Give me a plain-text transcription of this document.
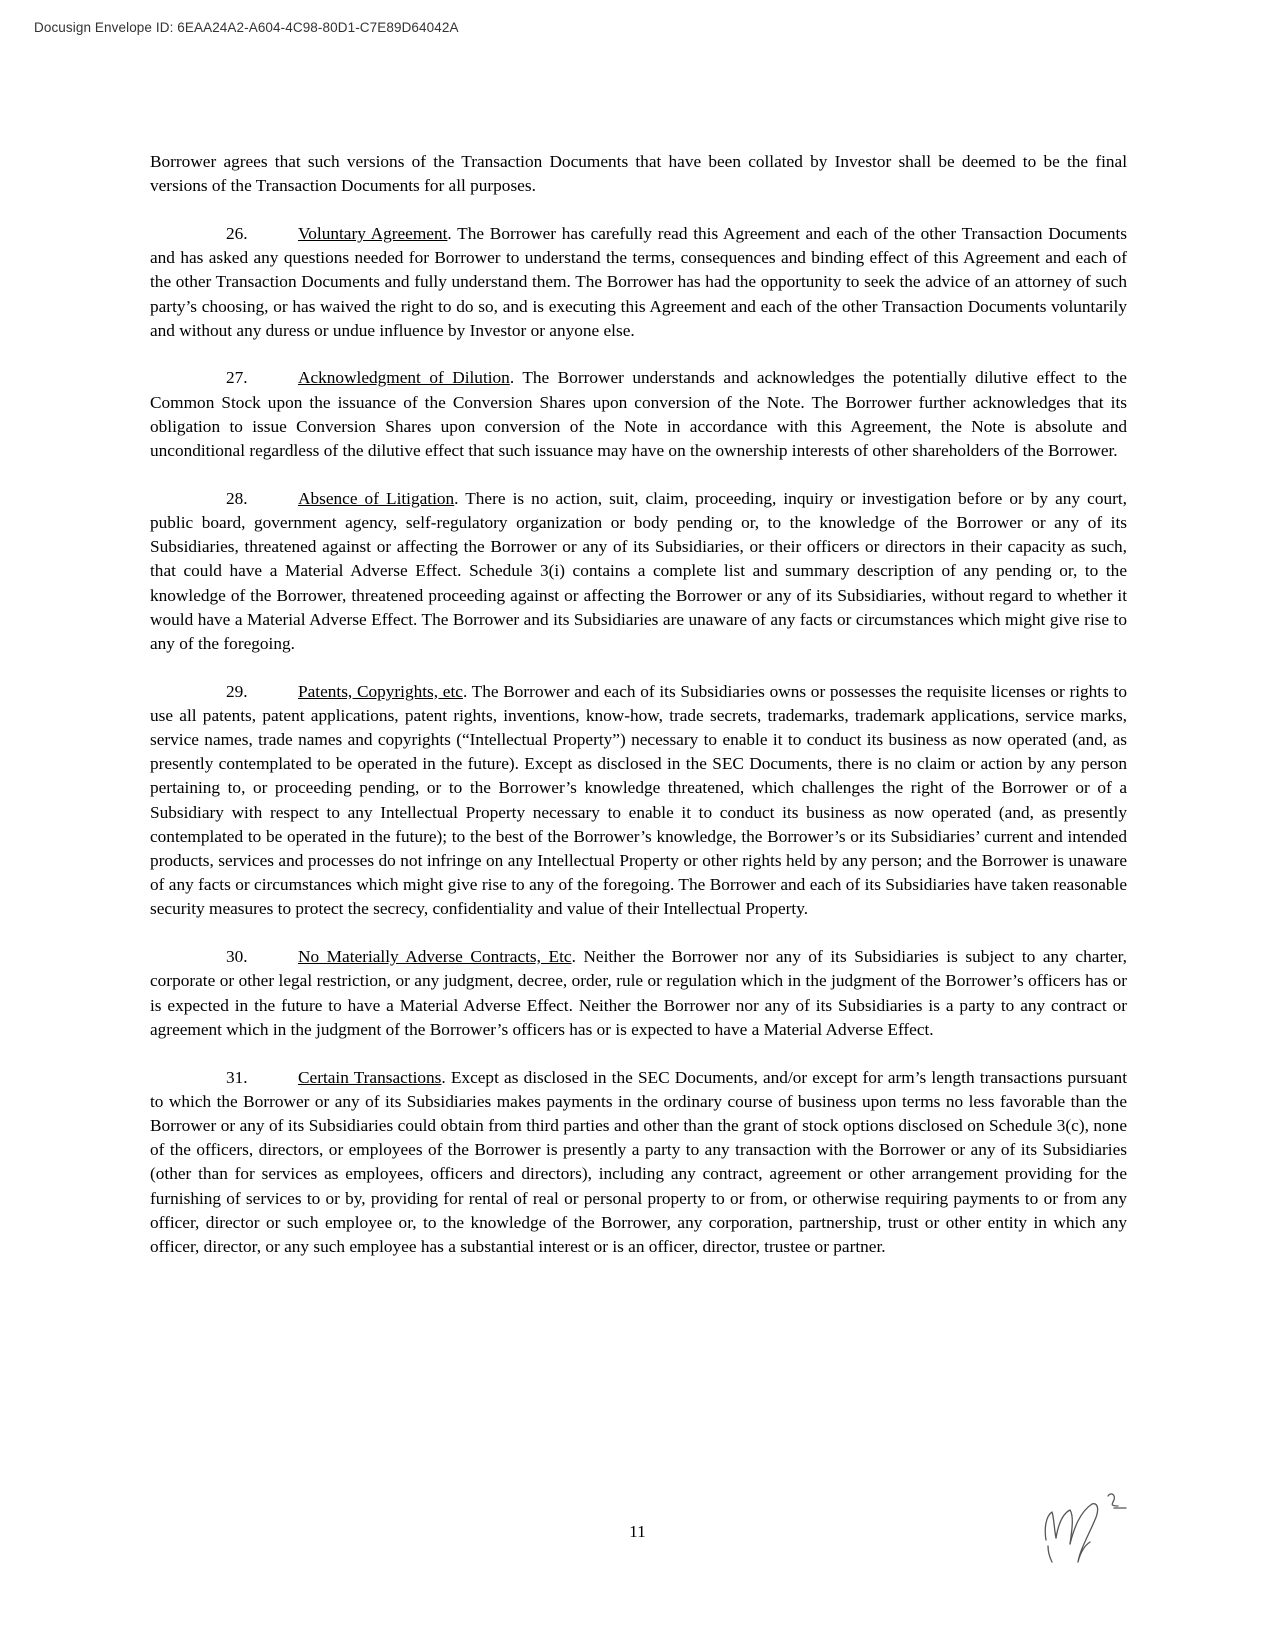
Docusign Envelope ID: 6EAA24A2-A604-4C98-80D1-C7E89D64042A

Borrower agrees that such versions of the Transaction Documents that have been collated by Investor shall be deemed to be the final versions of the Transaction Documents for all purposes.

26.	Voluntary Agreement. The Borrower has carefully read this Agreement and each of the other Transaction Documents and has asked any questions needed for Borrower to understand the terms, consequences and binding effect of this Agreement and each of the other Transaction Documents and fully understand them. The Borrower has had the opportunity to seek the advice of an attorney of such party’s choosing, or has waived the right to do so, and is executing this Agreement and each of the other Transaction Documents voluntarily and without any duress or undue influence by Investor or anyone else.

27.	Acknowledgment of Dilution. The Borrower understands and acknowledges the potentially dilutive effect to the Common Stock upon the issuance of the Conversion Shares upon conversion of the Note. The Borrower further acknowledges that its obligation to issue Conversion Shares upon conversion of the Note in accordance with this Agreement, the Note is absolute and unconditional regardless of the dilutive effect that such issuance may have on the ownership interests of other shareholders of the Borrower.

28.	Absence of Litigation. There is no action, suit, claim, proceeding, inquiry or investigation before or by any court, public board, government agency, self-regulatory organization or body pending or, to the knowledge of the Borrower or any of its Subsidiaries, threatened against or affecting the Borrower or any of its Subsidiaries, or their officers or directors in their capacity as such, that could have a Material Adverse Effect. Schedule 3(i) contains a complete list and summary description of any pending or, to the knowledge of the Borrower, threatened proceeding against or affecting the Borrower or any of its Subsidiaries, without regard to whether it would have a Material Adverse Effect. The Borrower and its Subsidiaries are unaware of any facts or circumstances which might give rise to any of the foregoing.

29.	Patents, Copyrights, etc. The Borrower and each of its Subsidiaries owns or possesses the requisite licenses or rights to use all patents, patent applications, patent rights, inventions, know-how, trade secrets, trademarks, trademark applications, service marks, service names, trade names and copyrights (“Intellectual Property”) necessary to enable it to conduct its business as now operated (and, as presently contemplated to be operated in the future). Except as disclosed in the SEC Documents, there is no claim or action by any person pertaining to, or proceeding pending, or to the Borrower’s knowledge threatened, which challenges the right of the Borrower or of a Subsidiary with respect to any Intellectual Property necessary to enable it to conduct its business as now operated (and, as presently contemplated to be operated in the future); to the best of the Borrower’s knowledge, the Borrower’s or its Subsidiaries’ current and intended products, services and processes do not infringe on any Intellectual Property or other rights held by any person; and the Borrower is unaware of any facts or circumstances which might give rise to any of the foregoing. The Borrower and each of its Subsidiaries have taken reasonable security measures to protect the secrecy, confidentiality and value of their Intellectual Property.

30.	No Materially Adverse Contracts, Etc. Neither the Borrower nor any of its Subsidiaries is subject to any charter, corporate or other legal restriction, or any judgment, decree, order, rule or regulation which in the judgment of the Borrower’s officers has or is expected in the future to have a Material Adverse Effect. Neither the Borrower nor any of its Subsidiaries is a party to any contract or agreement which in the judgment of the Borrower’s officers has or is expected to have a Material Adverse Effect.

31.	Certain Transactions. Except as disclosed in the SEC Documents, and/or except for arm’s length transactions pursuant to which the Borrower or any of its Subsidiaries makes payments in the ordinary course of business upon terms no less favorable than the Borrower or any of its Subsidiaries could obtain from third parties and other than the grant of stock options disclosed on Schedule 3(c), none of the officers, directors, or employees of the Borrower is presently a party to any transaction with the Borrower or any of its Subsidiaries (other than for services as employees, officers and directors), including any contract, agreement or other arrangement providing for the furnishing of services to or by, providing for rental of real or personal property to or from, or otherwise requiring payments to or from any officer, director or such employee or, to the knowledge of the Borrower, any corporation, partnership, trust or other entity in which any officer, director, or any such employee has a substantial interest or is an officer, director, trustee or partner.

11
